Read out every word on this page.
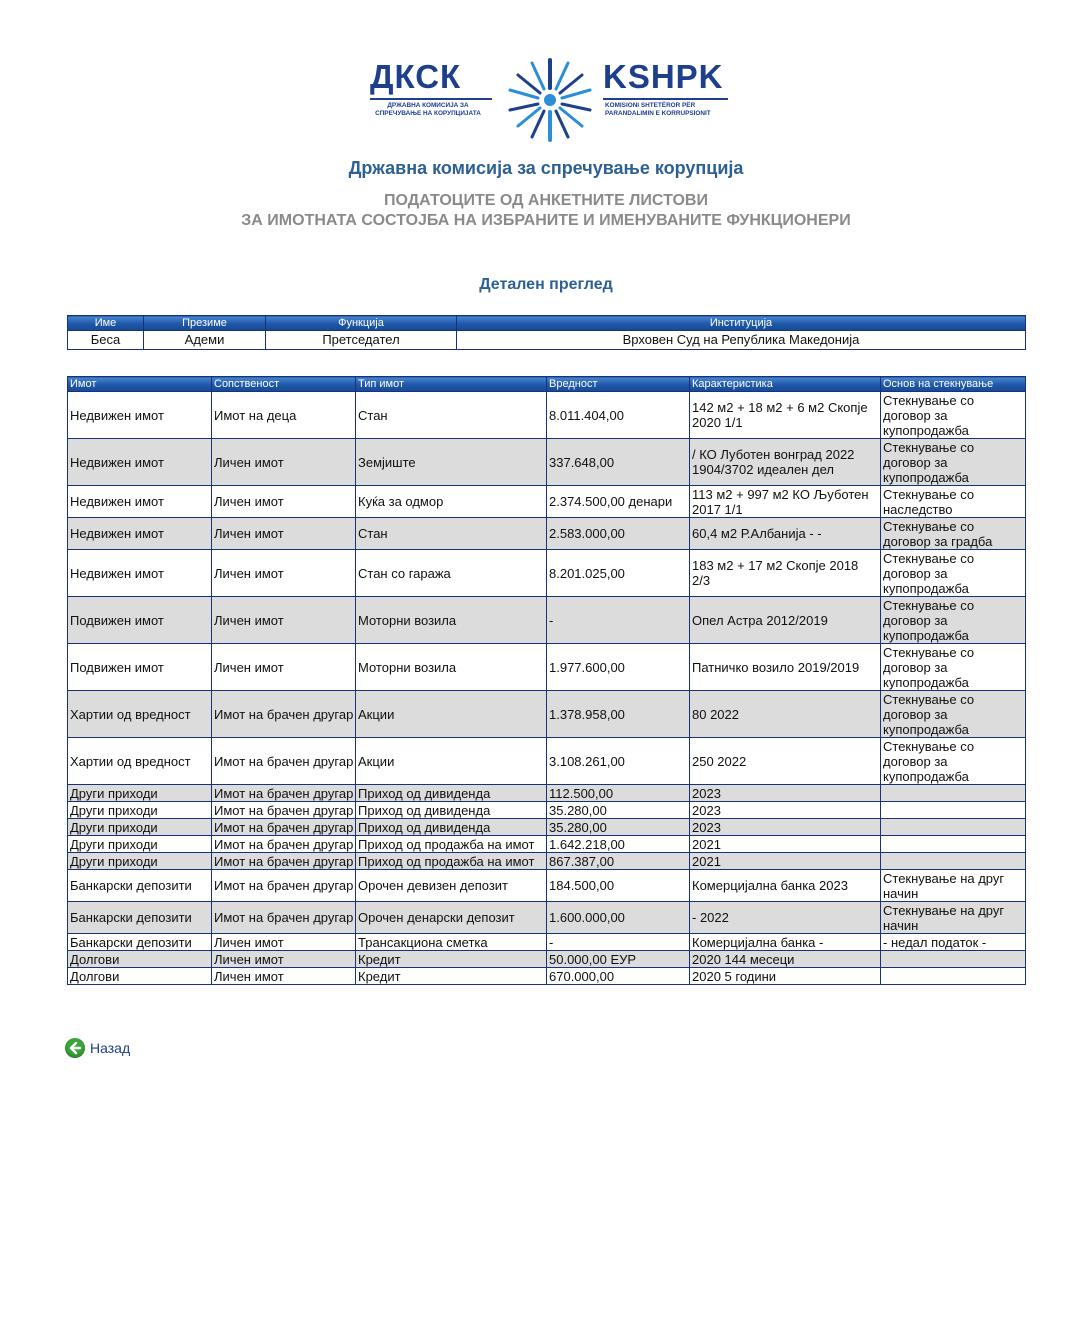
ДКСК
ДРЖАВНА КОМИСИЈА ЗА
СПРЕЧУВАЊЕ НА КОРУПЦИЈАТА
KSHPK
KOMISIONI SHTETËROR PËR
PARANDALIMIN E KORRUPSIONIT
Државна комисија за спречување корупција
ПОДАТОЦИТЕ ОД АНКЕТНИТЕ ЛИСТОВИ
ЗА ИМОТНАТА СОСТОЈБА НА ИЗБРАНИТЕ И ИМЕНУВАНИТЕ ФУНКЦИОНЕРИ
Детален преглед
Име	Презиме	Функција	Институција
Беса	Адеми	Претседател	Врховен Суд на Република Македонија
Имот	Сопственост	Тип имот	Вредност	Карактеристика	Основ на стекнување
Недвижен имот	Имот на деца	Стан	8.011.404,00	142 м2 + 18 м2 + 6 м2 Скопје 2020 1/1	Стекнување со договор за купопродажба
Недвижен имот	Личен имот	Земјиште	337.648,00	/ КО Луботен вонград 2022 1904/3702 идеален дел	Стекнување со договор за купопродажба
Недвижен имот	Личен имот	Куќа за одмор	2.374.500,00 денари	113 м2 + 997 м2 КО Љуботен 2017 1/1	Стекнување со наследство
Недвижен имот	Личен имот	Стан	2.583.000,00	60,4 м2 Р.Албанија - -	Стекнување со договор за градба
Недвижен имот	Личен имот	Стан со гаража	8.201.025,00	183 м2 + 17 м2 Скопје 2018 2/3	Стекнување со договор за купопродажба
Подвижен имот	Личен имот	Моторни возила	-	Опел Астра 2012/2019	Стекнување со договор за купопродажба
Подвижен имот	Личен имот	Моторни возила	1.977.600,00	Патничко возило 2019/2019	Стекнување со договор за купопродажба
Хартии од вредност	Имот на брачен другар	Акции	1.378.958,00	80 2022	Стекнување со договор за купопродажба
Хартии од вредност	Имот на брачен другар	Акции	3.108.261,00	250 2022	Стекнување со договор за купопродажба
Други приходи	Имот на брачен другар	Приход од дивиденда	112.500,00	2023	
Други приходи	Имот на брачен другар	Приход од дивиденда	35.280,00	2023	
Други приходи	Имот на брачен другар	Приход од дивиденда	35.280,00	2023	
Други приходи	Имот на брачен другар	Приход од продажба на имот	1.642.218,00	2021	
Други приходи	Имот на брачен другар	Приход од продажба на имот	867.387,00	2021	
Банкарски депозити	Имот на брачен другар	Орочен девизен депозит	184.500,00	Комерцијална банка 2023	Стекнување на друг начин
Банкарски депозити	Имот на брачен другар	Орочен денарски депозит	1.600.000,00	- 2022	Стекнување на друг начин
Банкарски депозити	Личен имот	Трансакциона сметка	-	Комерцијална банка -	- недал податок -
Долгови	Личен имот	Кредит	50.000,00 ЕУР	2020 144 месеци	
Долгови	Личен имот	Кредит	670.000,00	2020 5 години	
Назад
